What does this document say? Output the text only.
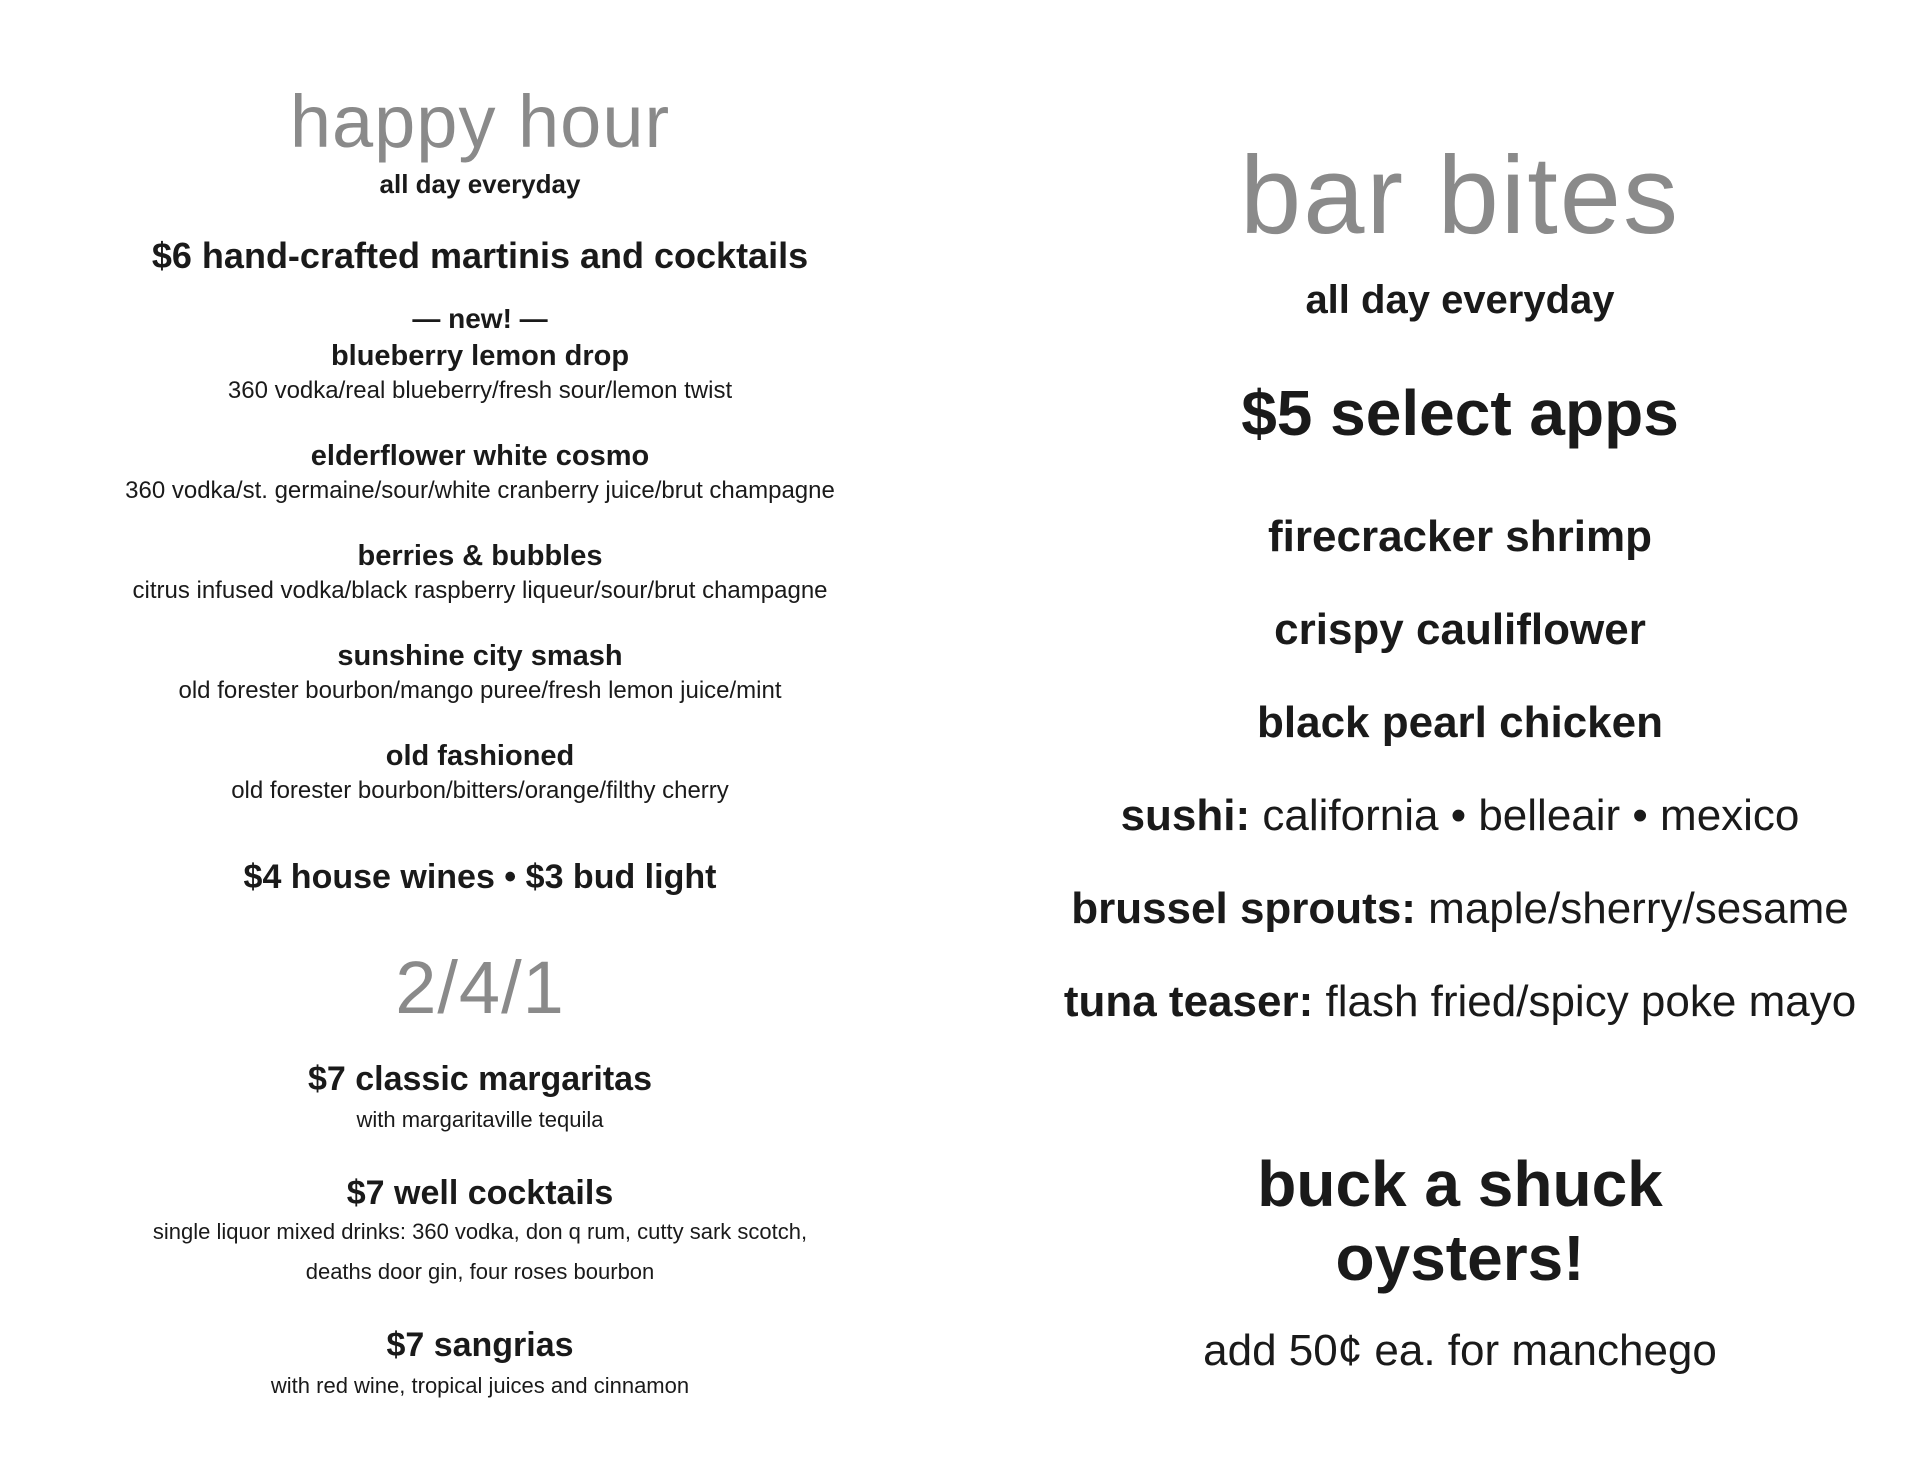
happy hour
all day everyday
$6 hand-crafted martinis and cocktails
— new! —
blueberry lemon drop
360 vodka/real blueberry/fresh sour/lemon twist
elderflower white cosmo
360 vodka/st. germaine/sour/white cranberry juice/brut champagne
berries & bubbles
citrus infused vodka/black raspberry liqueur/sour/brut champagne
sunshine city smash
old forester bourbon/mango puree/fresh lemon juice/mint
old fashioned
old forester bourbon/bitters/orange/filthy cherry
$4 house wines • $3 bud light
2/4/1
$7 classic margaritas
with margaritaville tequila
$7 well cocktails
single liquor mixed drinks: 360 vodka, don q rum, cutty sark scotch,
deaths door gin, four roses bourbon
$7 sangrias
with red wine, tropical juices and cinnamon
bar bites
all day everyday
$5 select apps
firecracker shrimp
crispy cauliflower
black pearl chicken
sushi: california • belleair • mexico
brussel sprouts: maple/sherry/sesame
tuna teaser: flash fried/spicy poke mayo
buck a shuck
oysters!
add 50¢ ea. for manchego
